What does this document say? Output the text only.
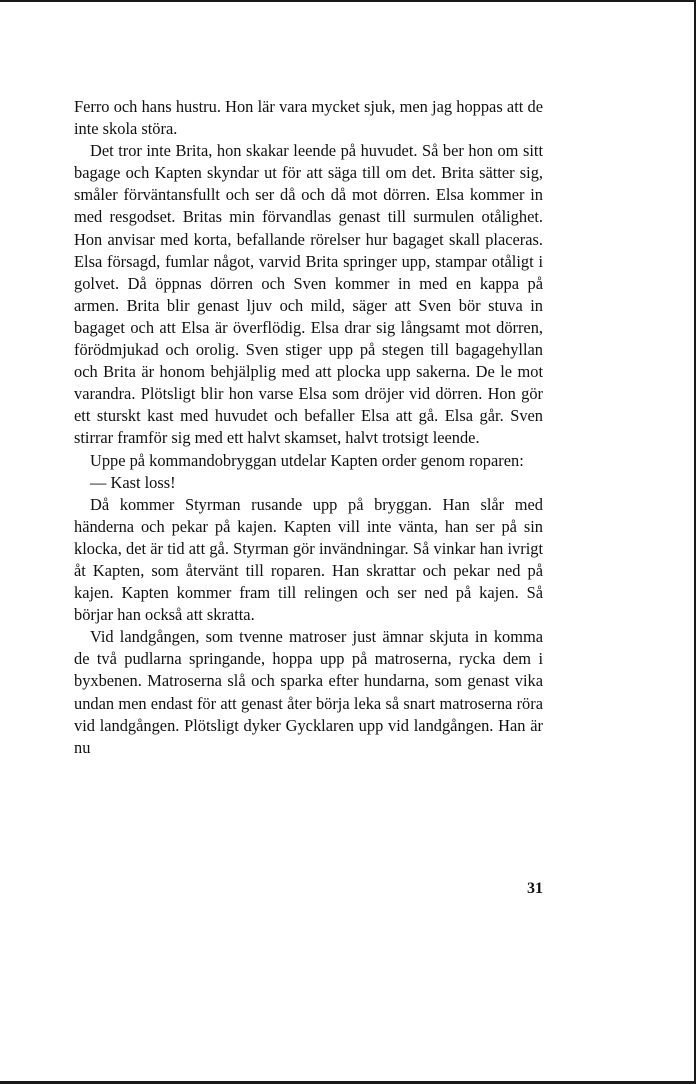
Ferro och hans hustru. Hon lär vara mycket sjuk, men jag hoppas att de inte skola störa.

Det tror inte Brita, hon skakar leende på huvudet. Så ber hon om sitt bagage och Kapten skyndar ut för att säga till om det. Brita sätter sig, småler förväntansfullt och ser då och då mot dörren. Elsa kommer in med resgodset. Britas min förvandlas genast till surmulen otålighet. Hon anvisar med korta, befallande rörelser hur bagaget skall placeras. Elsa försagd, fumlar något, varvid Brita springer upp, stampar otåligt i golvet. Då öppnas dörren och Sven kommer in med en kappa på armen. Brita blir genast ljuv och mild, säger att Sven bör stuva in bagaget och att Elsa är överflödig. Elsa drar sig långsamt mot dörren, förödmjukad och orolig. Sven stiger upp på stegen till bagagehyllan och Brita är honom behjälplig med att plocka upp sakerna. De le mot varandra. Plötsligt blir hon varse Elsa som dröjer vid dörren. Hon gör ett sturskt kast med huvudet och befaller Elsa att gå. Elsa går. Sven stirrar framför sig med ett halvt skamset, halvt trotsigt leende.

Uppe på kommandobryggan utdelar Kapten order genom roparen:

— Kast loss!

Då kommer Styrman rusande upp på bryggan. Han slår med händerna och pekar på kajen. Kapten vill inte vänta, han ser på sin klocka, det är tid att gå. Styrman gör invändningar. Så vinkar han ivrigt åt Kapten, som återvänt till roparen. Han skrattar och pekar ned på kajen. Kapten kommer fram till relingen och ser ned på kajen. Så börjar han också att skratta.

Vid landgången, som tvenne matroser just ämnar skjuta in komma de två pudlarna springande, hoppa upp på matroserna, rycka dem i byxbenen. Matroserna slå och sparka efter hundarna, som genast vika undan men endast för att genast åter börja leka så snart matroserna röra vid landgången. Plötsligt dyker Gycklaren upp vid landgången. Han är nu

31
